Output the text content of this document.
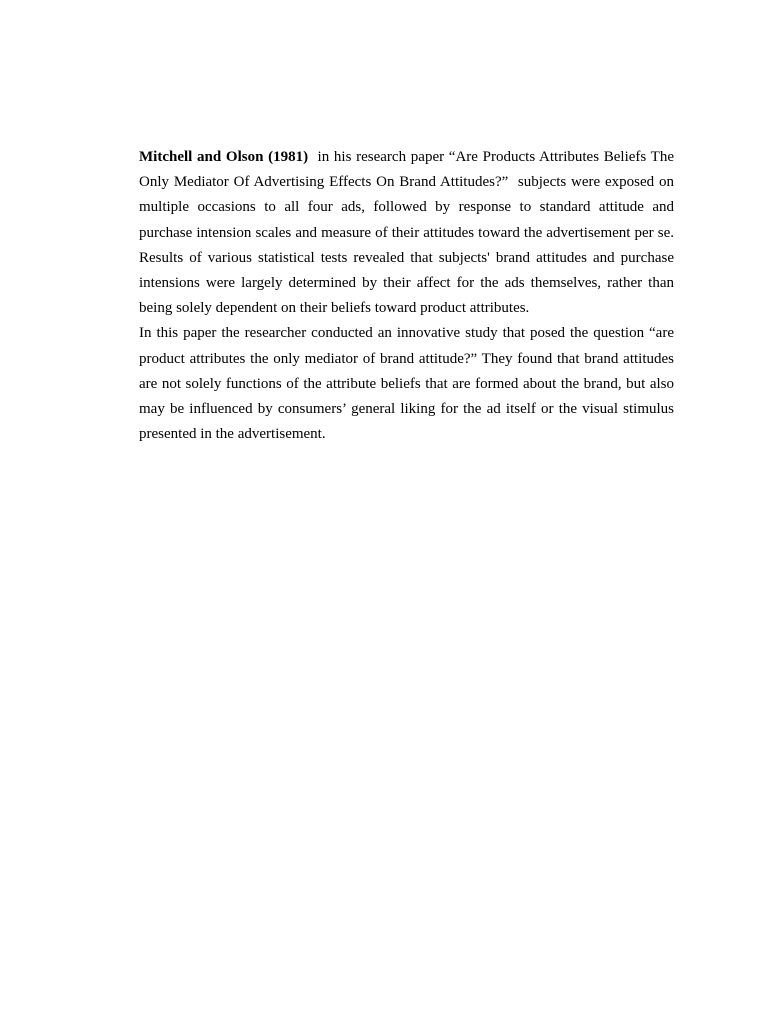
Mitchell and Olson (1981)  in his research paper “Are Products Attributes Beliefs The Only Mediator Of Advertising Effects On Brand Attitudes?”  subjects were exposed on multiple occasions to all four ads, followed by response to standard attitude and purchase intension scales and measure of their attitudes toward the advertisement per se. Results of various statistical tests revealed that subjects' brand attitudes and purchase intensions were largely determined by their affect for the ads themselves, rather than being solely dependent on their beliefs toward product attributes.

In this paper the researcher conducted an innovative study that posed the question “are product attributes the only mediator of brand attitude?” They found that brand attitudes are not solely functions of the attribute beliefs that are formed about the brand, but also may be influenced by consumers’ general liking for the ad itself or the visual stimulus presented in the advertisement.
